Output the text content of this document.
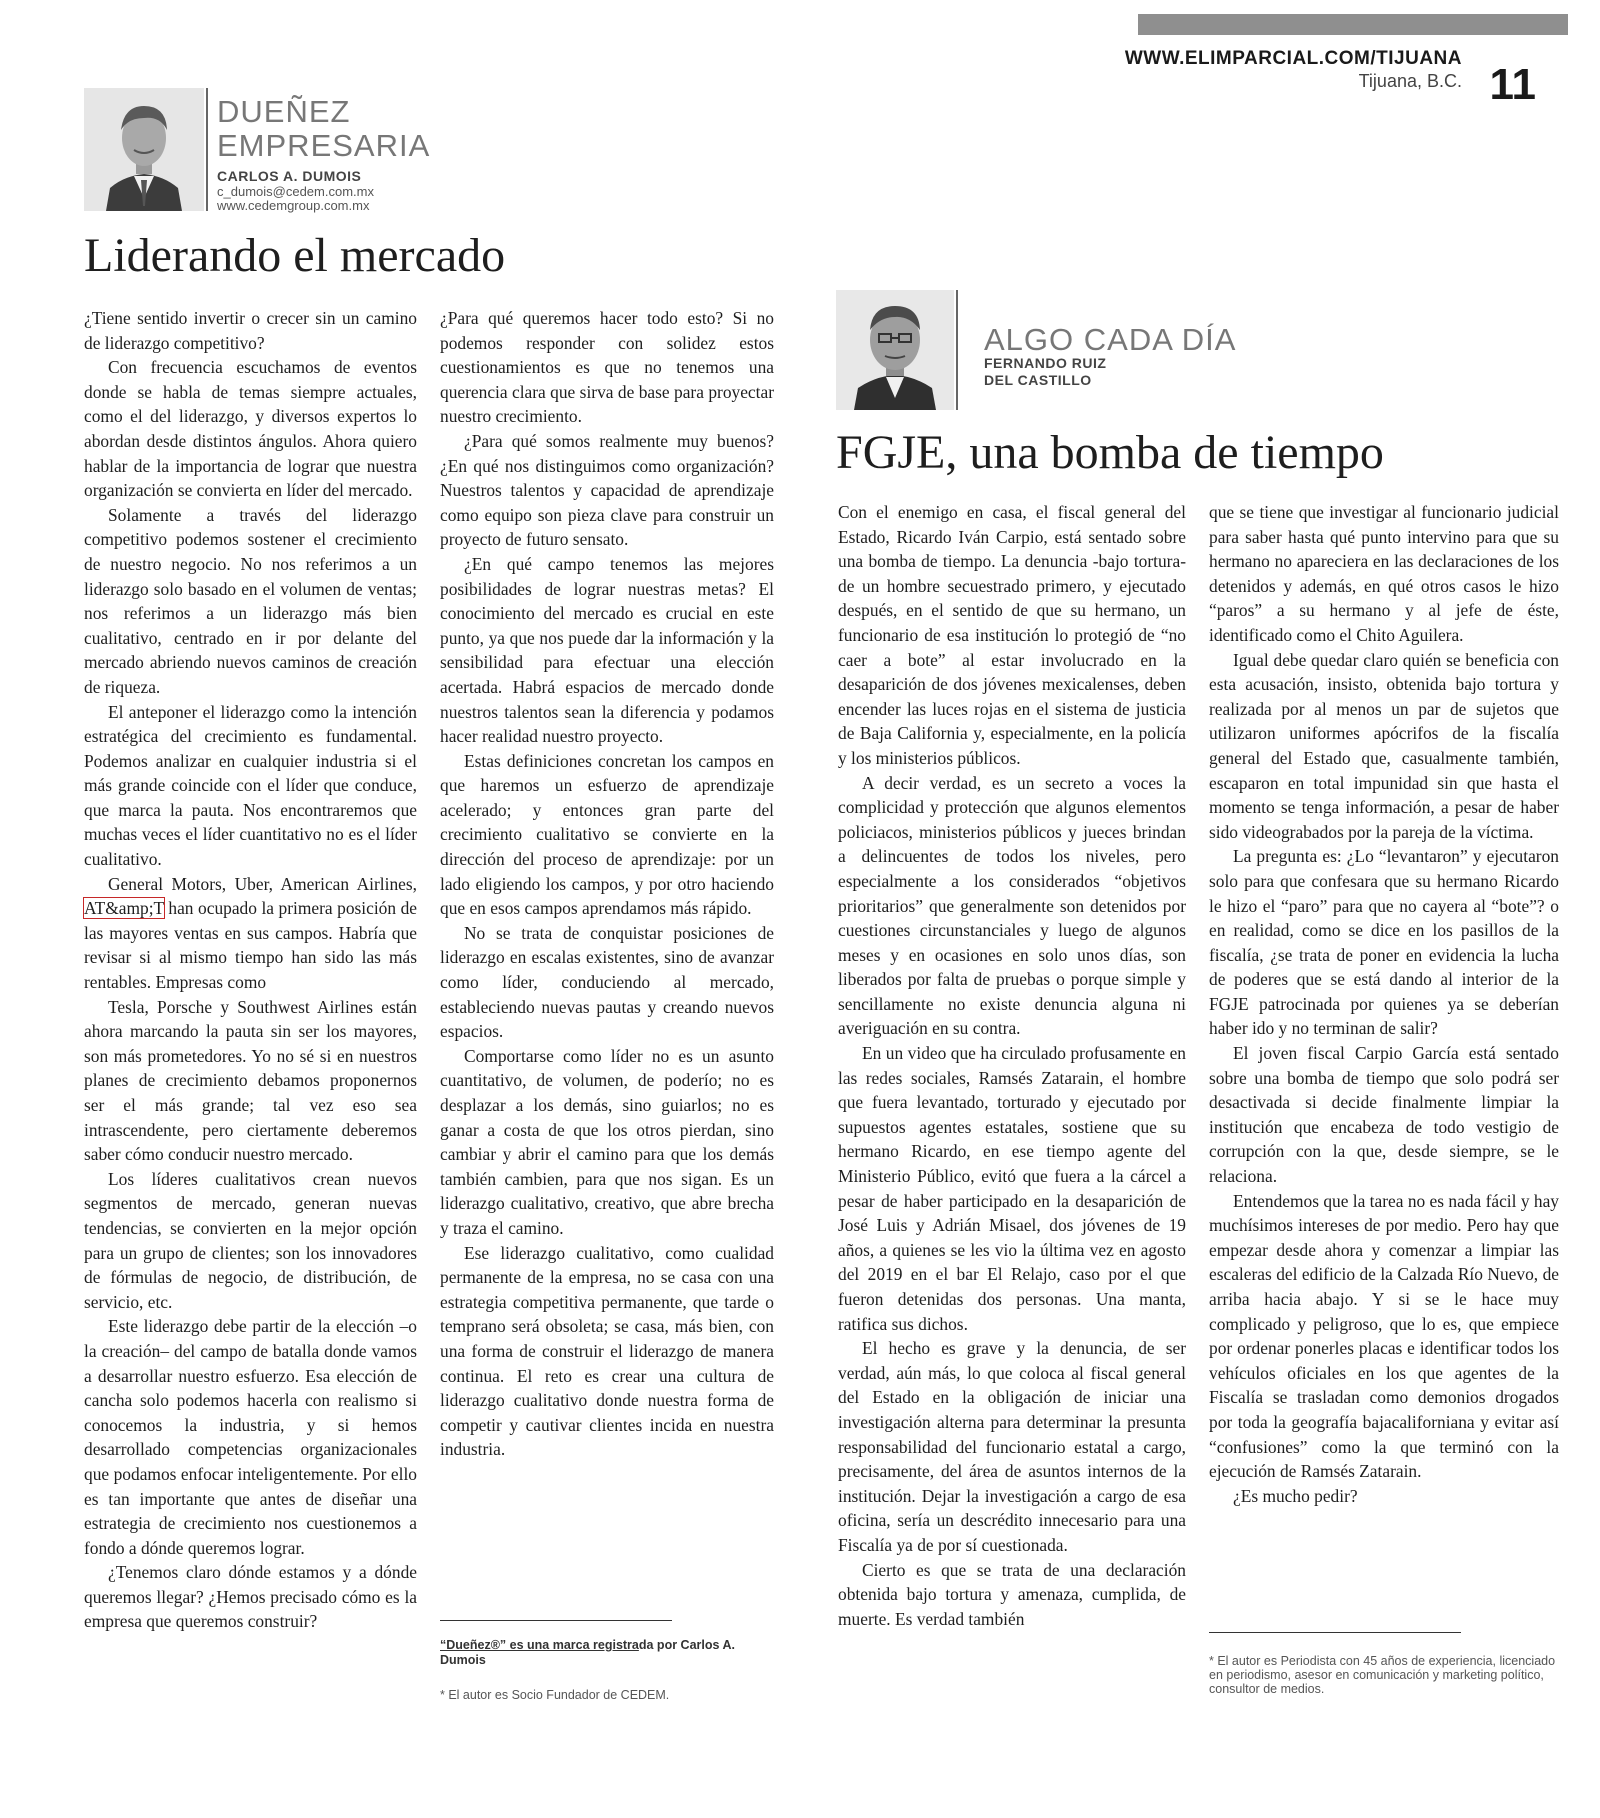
WWW.ELIMPARCIAL.COM/TIJUANA
Tijuana, B.C. 11
DUEÑEZ
EMPRESARIA
CARLOS A. DUMOIS
c_dumois@cedem.com.mx
www.cedemgroup.com.mx
Liderando el mercado

¿Tiene sentido invertir o crecer sin un camino de liderazgo competitivo?

Con frecuencia escuchamos de eventos donde se habla de temas siempre actuales, como el del liderazgo, y diversos expertos lo abordan desde distintos ángulos. Ahora quiero hablar de la importancia de lograr que nuestra organización se convierta en líder del mercado.

Solamente a través del liderazgo competitivo podemos sostener el crecimiento de nuestro negocio. No nos referimos a un liderazgo solo basado en el volumen de ventas; nos referimos a un liderazgo más bien cualitativo, centrado en ir por delante del mercado abriendo nuevos caminos de creación de riqueza.

El anteponer el liderazgo como la intención estratégica del crecimiento es fundamental. Podemos analizar en cualquier industria si el más grande coincide con el líder que conduce, que marca la pauta. Nos encontraremos que muchas veces el líder cuantitativo no es el líder cualitativo.

General Motors, Uber, American Airlines, AT&amp;T han ocupado la primera posición de las mayores ventas en sus campos. Habría que revisar si al mismo tiempo han sido las más rentables. Empresas como

Tesla, Porsche y Southwest Airlines están ahora marcando la pauta sin ser los mayores, son más prometedores. Yo no sé si en nuestros planes de crecimiento debamos proponernos ser el más grande; tal vez eso sea intrascendente, pero ciertamente deberemos saber cómo conducir nuestro mercado.

Los líderes cualitativos crean nuevos segmentos de mercado, generan nuevas tendencias, se convierten en la mejor opción para un grupo de clientes; son los innovadores de fórmulas de negocio, de distribución, de servicio, etc.

Este liderazgo debe partir de la elección –o la creación– del campo de batalla donde vamos a desarrollar nuestro esfuerzo. Esa elección de cancha solo podemos hacerla con realismo si conocemos la industria, y si hemos desarrollado competencias organizacionales que podamos enfocar inteligentemente. Por ello es tan importante que antes de diseñar una estrategia de crecimiento nos cuestionemos a fondo a dónde queremos lograr.

¿Tenemos claro dónde estamos y a dónde queremos llegar? ¿Hemos precisado cómo es la empresa que queremos construir?

¿Para qué queremos hacer todo esto? Si no podemos responder con solidez estos cuestionamientos es que no tenemos una querencia clara que sirva de base para proyectar nuestro crecimiento.

¿Para qué somos realmente muy buenos? ¿En qué nos distinguimos como organización? Nuestros talentos y capacidad de aprendizaje como equipo son pieza clave para construir un proyecto de futuro sensato.

¿En qué campo tenemos las mejores posibilidades de lograr nuestras metas? El conocimiento del mercado es crucial en este punto, ya que nos puede dar la información y la sensibilidad para efectuar una elección acertada. Habrá espacios de mercado donde nuestros talentos sean la diferencia y podamos hacer realidad nuestro proyecto.

Estas definiciones concretan los campos en que haremos un esfuerzo de aprendizaje acelerado; y entonces gran parte del crecimiento cualitativo se convierte en la dirección del proceso de aprendizaje: por un lado eligiendo los campos, y por otro haciendo que en esos campos aprendamos más rápido.

No se trata de conquistar posiciones de liderazgo en escalas existentes, sino de avanzar como líder, conduciendo al mercado, estableciendo nuevas pautas y creando nuevos espacios.

Comportarse como líder no es un asunto cuantitativo, de volumen, de poderío; no es desplazar a los demás, sino guiarlos; no es ganar a costa de que los otros pierdan, sino cambiar y abrir el camino para que los demás también cambien, para que nos sigan. Es un liderazgo cualitativo, creativo, que abre brecha y traza el camino.

Ese liderazgo cualitativo, como cualidad permanente de la empresa, no se casa con una estrategia competitiva permanente, que tarde o temprano será obsoleta; se casa, más bien, con una forma de construir el liderazgo de manera continua. El reto es crear una cultura de liderazgo cualitativo donde nuestra forma de competir y cautivar clientes incida en nuestra industria.

“Dueñez®” es una marca registrada por Carlos A. Dumois
* El autor es Socio Fundador de CEDEM.
ALGO CADA DÍA
FERNANDO RUIZ
DEL CASTILLO
FGJE, una bomba de tiempo

Con el enemigo en casa, el fiscal general del Estado, Ricardo Iván Carpio, está sentado sobre una bomba de tiempo. La denuncia -bajo tortura- de un hombre secuestrado primero, y ejecutado después, en el sentido de que su hermano, un funcionario de esa institución lo protegió de “no caer a bote” al estar involucrado en la desaparición de dos jóvenes mexicalenses, deben encender las luces rojas en el sistema de justicia de Baja California y, especialmente, en la policía y los ministerios públicos.

A decir verdad, es un secreto a voces la complicidad y protección que algunos elementos policiacos, ministerios públicos y jueces brindan a delincuentes de todos los niveles, pero especialmente a los considerados “objetivos prioritarios” que generalmente son detenidos por cuestiones circunstanciales y luego de algunos meses y en ocasiones en solo unos días, son liberados por falta de pruebas o porque simple y sencillamente no existe denuncia alguna ni averiguación en su contra.

En un video que ha circulado profusamente en las redes sociales, Ramsés Zatarain, el hombre que fuera levantado, torturado y ejecutado por supuestos agentes estatales, sostiene que su hermano Ricardo, en ese tiempo agente del Ministerio Público, evitó que fuera a la cárcel a pesar de haber participado en la desaparición de José Luis y Adrián Misael, dos jóvenes de 19 años, a quienes se les vio la última vez en agosto del 2019 en el bar El Relajo, caso por el que fueron detenidas dos personas. Una manta, ratifica sus dichos.

El hecho es grave y la denuncia, de ser verdad, aún más, lo que coloca al fiscal general del Estado en la obligación de iniciar una investigación alterna para determinar la presunta responsabilidad del funcionario estatal a cargo, precisamente, del área de asuntos internos de la institución. Dejar la investigación a cargo de esa oficina, sería un descrédito innecesario para una Fiscalía ya de por sí cuestionada.

Cierto es que se trata de una declaración obtenida bajo tortura y amenaza, cumplida, de muerte. Es verdad también

que se tiene que investigar al funcionario judicial para saber hasta qué punto intervino para que su hermano no apareciera en las declaraciones de los detenidos y además, en qué otros casos le hizo “paros” a su hermano y al jefe de éste, identificado como el Chito Aguilera.

Igual debe quedar claro quién se beneficia con esta acusación, insisto, obtenida bajo tortura y realizada por al menos un par de sujetos que utilizaron uniformes apócrifos de la fiscalía general del Estado que, casualmente también, escaparon en total impunidad sin que hasta el momento se tenga información, a pesar de haber sido videograbados por la pareja de la víctima.

La pregunta es: ¿Lo “levantaron” y ejecutaron solo para que confesara que su hermano Ricardo le hizo el “paro” para que no cayera al “bote”? o en realidad, como se dice en los pasillos de la fiscalía, ¿se trata de poner en evidencia la lucha de poderes que se está dando al interior de la FGJE patrocinada por quienes ya se deberían haber ido y no terminan de salir?

El joven fiscal Carpio García está sentado sobre una bomba de tiempo que solo podrá ser desactivada si decide finalmente limpiar la institución que encabeza de todo vestigio de corrupción con la que, desde siempre, se le relaciona.

Entendemos que la tarea no es nada fácil y hay muchísimos intereses de por medio. Pero hay que empezar desde ahora y comenzar a limpiar las escaleras del edificio de la Calzada Río Nuevo, de arriba hacia abajo. Y si se le hace muy complicado y peligroso, que lo es, que empiece por ordenar ponerles placas e identificar todos los vehículos oficiales en los que agentes de la Fiscalía se trasladan como demonios drogados por toda la geografía bajacaliforniana y evitar así “confusiones” como la que terminó con la ejecución de Ramsés Zatarain.

¿Es mucho pedir?

* El autor es Periodista con 45 años de experiencia, licenciado en periodismo, asesor en comunicación y marketing político, consultor de medios.
